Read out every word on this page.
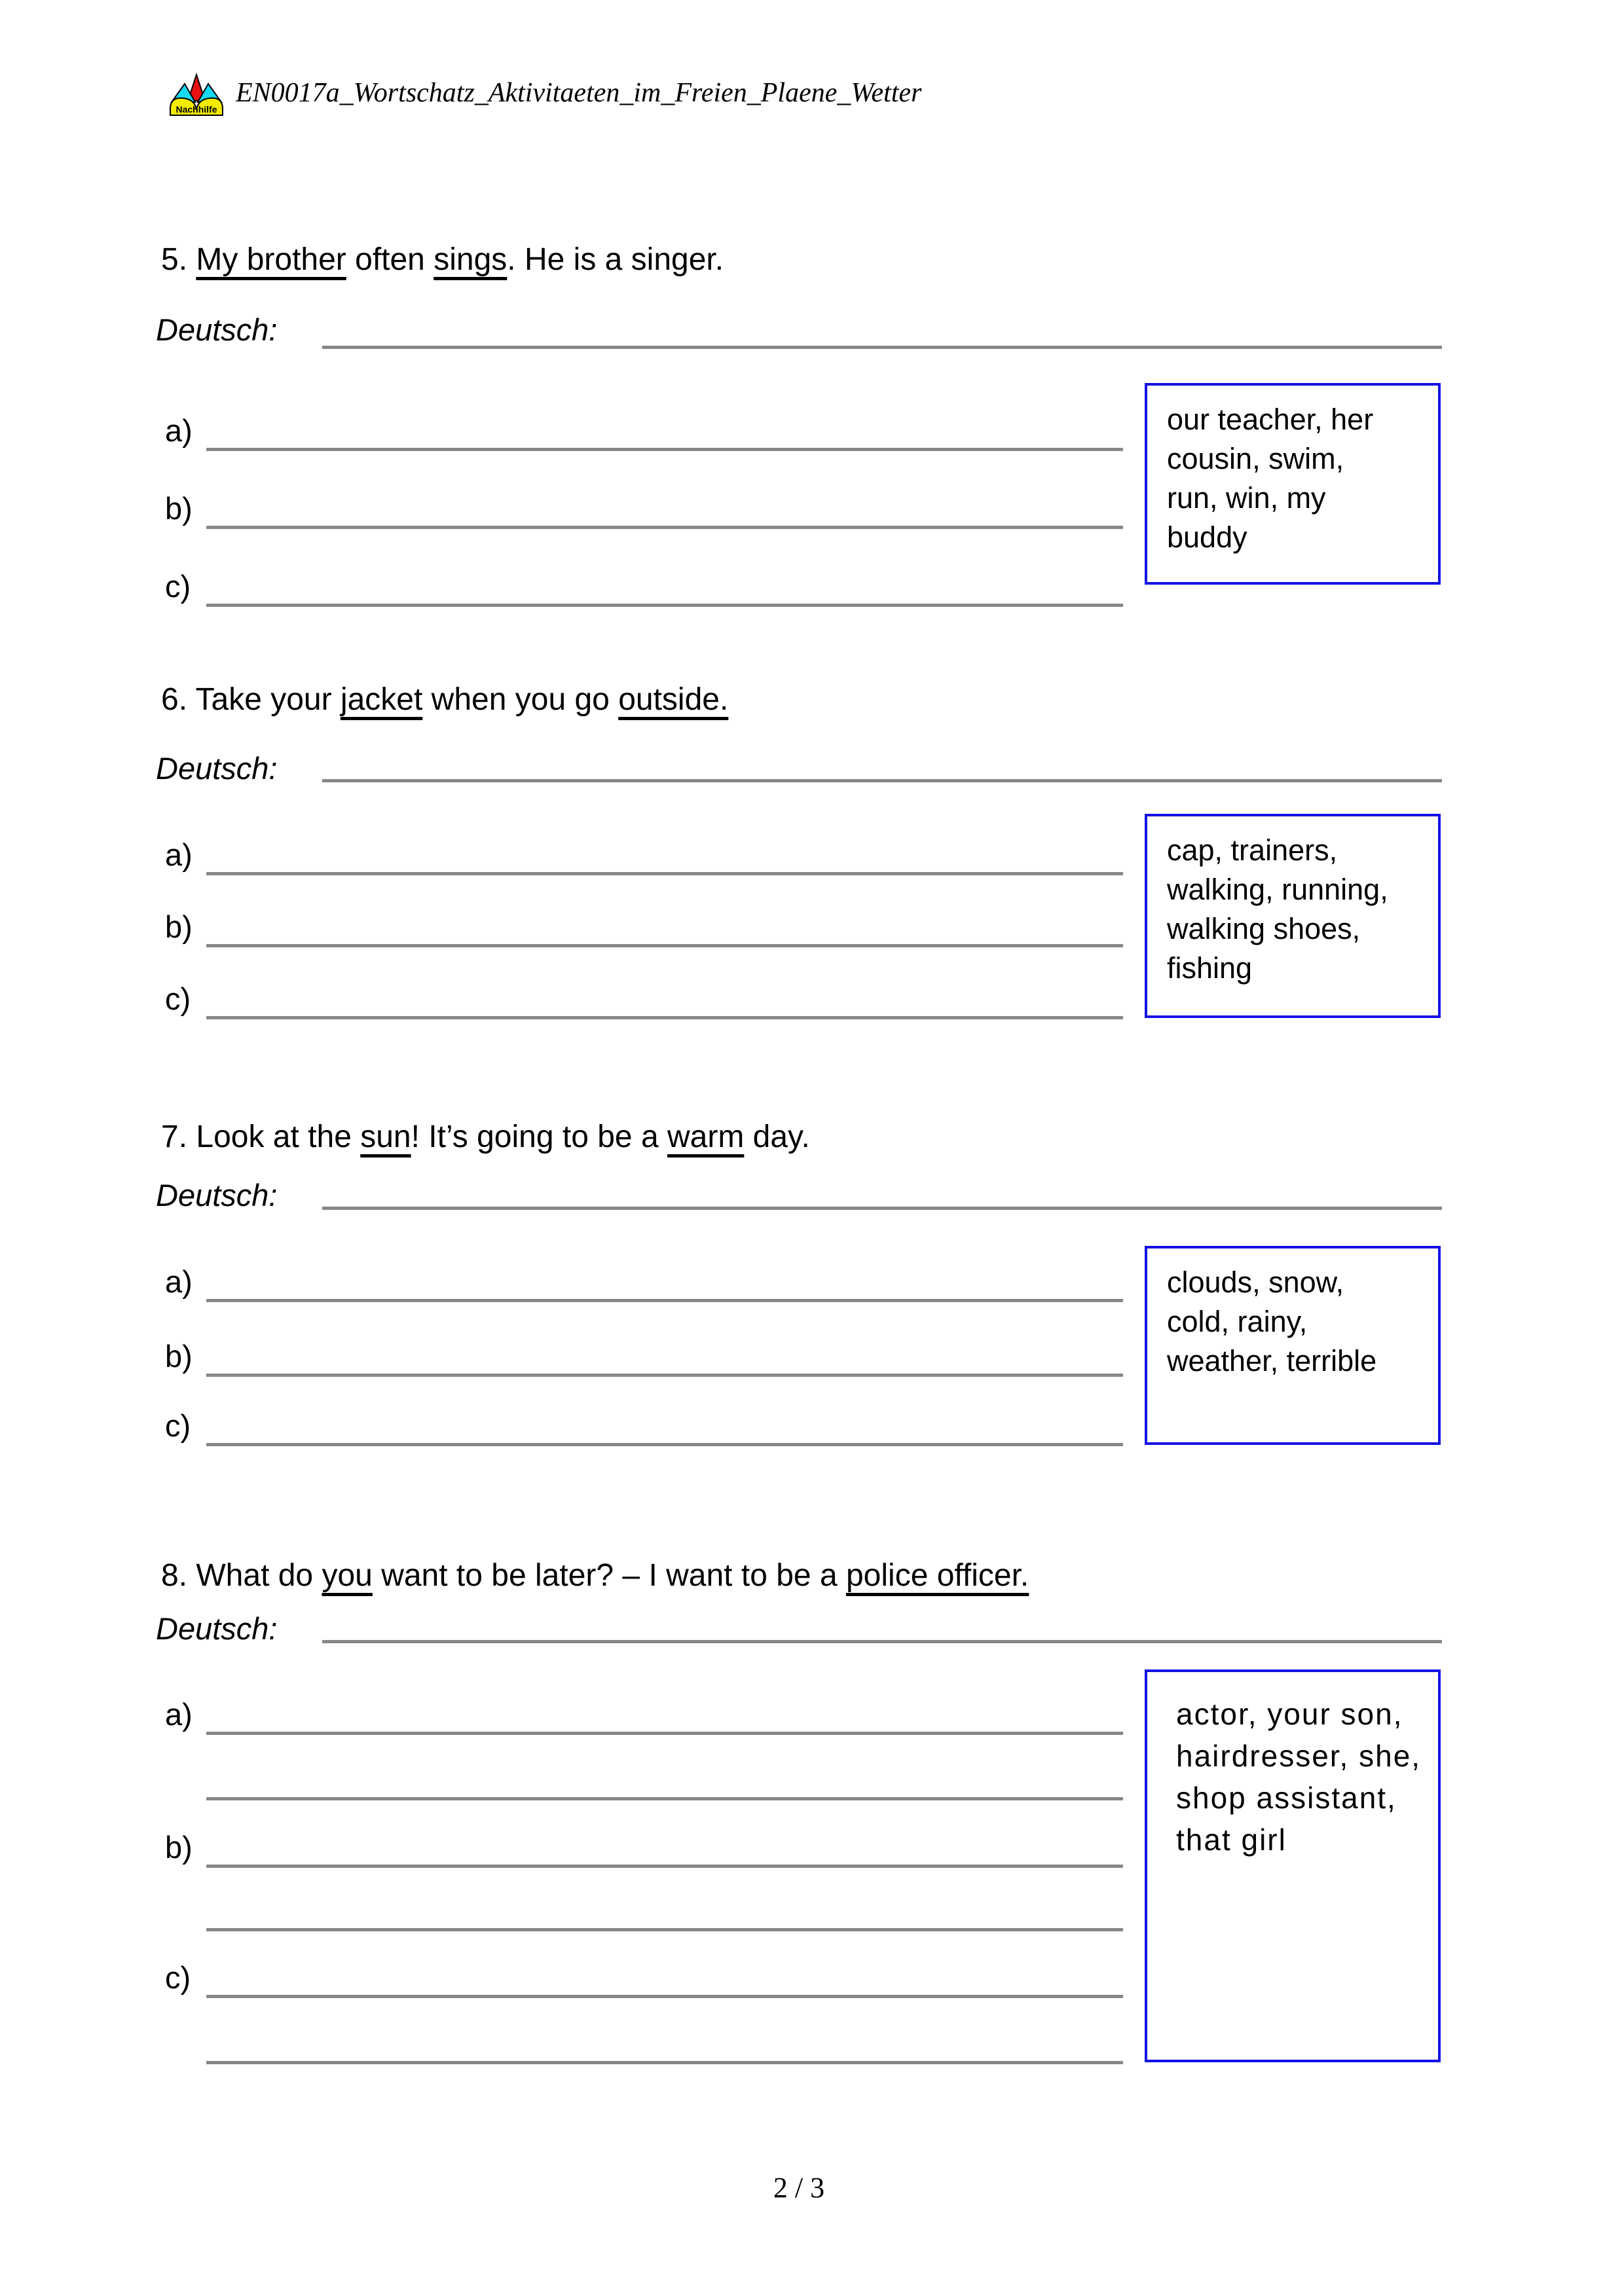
Nachhilfe
EN0017a_Wortschatz_Aktivitaeten_im_Freien_Plaene_Wetter
5. My brother often sings. He is a singer.
Deutsch:
a)
b)
c)
our teacher, her
cousin, swim,
run, win, my
buddy
6. Take your jacket when you go outside.
Deutsch:
a)
b)
c)
cap, trainers,
walking, running,
walking shoes,
fishing
7. Look at the sun! It’s going to be a warm day.
Deutsch:
a)
b)
c)
clouds, snow,
cold, rainy,
weather, terrible
8. What do you want to be later? – I want to be a police officer.
Deutsch:
a)
b)
c)
actor, your son,
hairdresser, she,
shop assistant,
that girl
2 / 3
